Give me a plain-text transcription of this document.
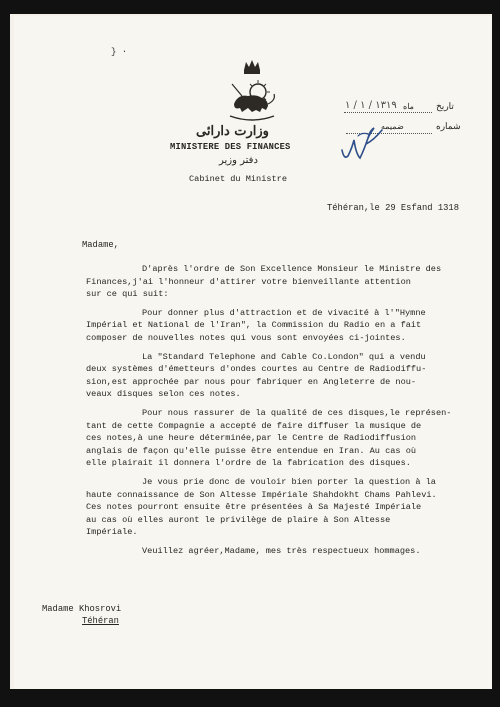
} ·
وزارت دارائی
MINISTERE DES FINANCES
دفتر وزیر
Cabinet du Ministre
تاریخ
۱۳۱۹ / ۱ / ۱ ماه
شماره
ضمیمه
Téhéran,le 29 Esfand 1318
Madame,

D'après l'ordre de Son Excellence Monsieur le Ministre des
Finances,j'ai l'honneur d'attirer votre bienveillante attention
sur ce qui suit:

Pour donner plus d'attraction et de vivacité à l'"Hymne
Impérial et National de l'Iran", la Commission du Radio en a fait
composer de nouvelles notes qui vous sont envoyées ci-jointes.

La "Standard Telephone and Cable Co.London" qui a vendu
deux systèmes d'émetteurs d'ondes courtes au Centre de Radiodiffu-
sion,est approchée par nous pour fabriquer en Angleterre de nou-
veaux disques selon ces notes.

Pour nous rassurer de la qualité de ces disques,le représen-
tant de cette Compagnie a accepté de faire diffuser la musique de
ces notes,à une heure déterminée,par le Centre de Radiodiffusion
anglais de façon qu'elle puisse être entendue en Iran. Au cas où
elle plairait il donnera l'ordre de la fabrication des disques.

Je vous prie donc de vouloir bien porter la question à la
haute connaissance de Son Altesse Impériale Shahdokht Chams Pahlevi.
Ces notes pourront ensuite être présentées à Sa Majesté Impériale
au cas où elles auront le privilège de plaire à Son Altesse
Impériale.

Veuillez agréer,Madame, mes très respectueux hommages.

Madame Khosrovi
Téhéran
